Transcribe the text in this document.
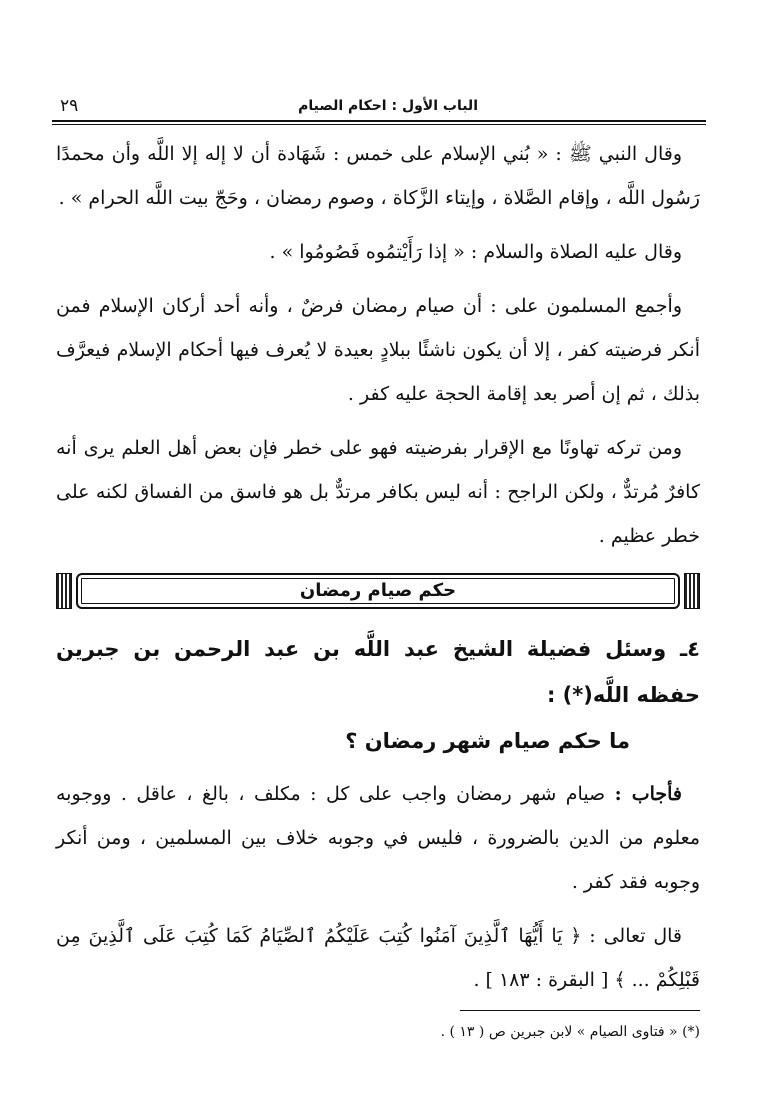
الباب الأول : احكام الصيام
٢٩

وقال النبي ﷺ : « بُني الإسلام على خمس : شَهَادة أن لا إله إلا اللَّه وأن محمدًا رَسُول اللَّه ، وإقام الصَّلاة ، وإيتاء الزَّكاة ، وصوم رمضان ، وحَجّ بيت اللَّه الحرام » .

وقال عليه الصلاة والسلام : « إذا رَأَيْتمُوه فَصُومُوا » .

وأجمع المسلمون على : أن صيام رمضان فرضٌ ، وأنه أحد أركان الإسلام فمن أنكر فرضيته كفر ، إلا أن يكون ناشئًا ببلادٍ بعيدة لا يُعرف فيها أحكام الإسلام فيعرَّف بذلك ، ثم إن أصر بعد إقامة الحجة عليه كفر .

ومن تركه تهاونًا مع الإقرار بفرضيته فهو على خطر فإن بعض أهل العلم يرى أنه كافرٌ مُرتدٌّ ، ولكن الراجح : أنه ليس بكافر مرتدٌّ بل هو فاسق من الفساق لكنه على خطر عظيم .

حكم صيام رمضان

٤ـ وسئل فضيلة الشيخ عبد اللَّه بن عبد الرحمن بن جبرين حفظه اللَّه(*) :

ما حكم صيام شهر رمضان ؟

فأجاب : صيام شهر رمضان واجب على كل : مكلف ، بالغ ، عاقل . ووجوبه معلوم من الدين بالضرورة ، فليس في وجوبه خلاف بين المسلمين ، ومن أنكر وجوبه فقد كفر .

قال تعالى : ﴿ يَا أَيُّهَا ٱلَّذِينَ آمَنُوا كُتِبَ عَلَيْكُمُ ٱلصِّيَامُ كَمَا كُتِبَ عَلَى ٱلَّذِينَ مِن قَبْلِكُمْ ... ﴾ [ البقرة : ١٨٣ ] .

(*) « فتاوى الصيام » لابن جبرين ص ( ١٣ ) .
